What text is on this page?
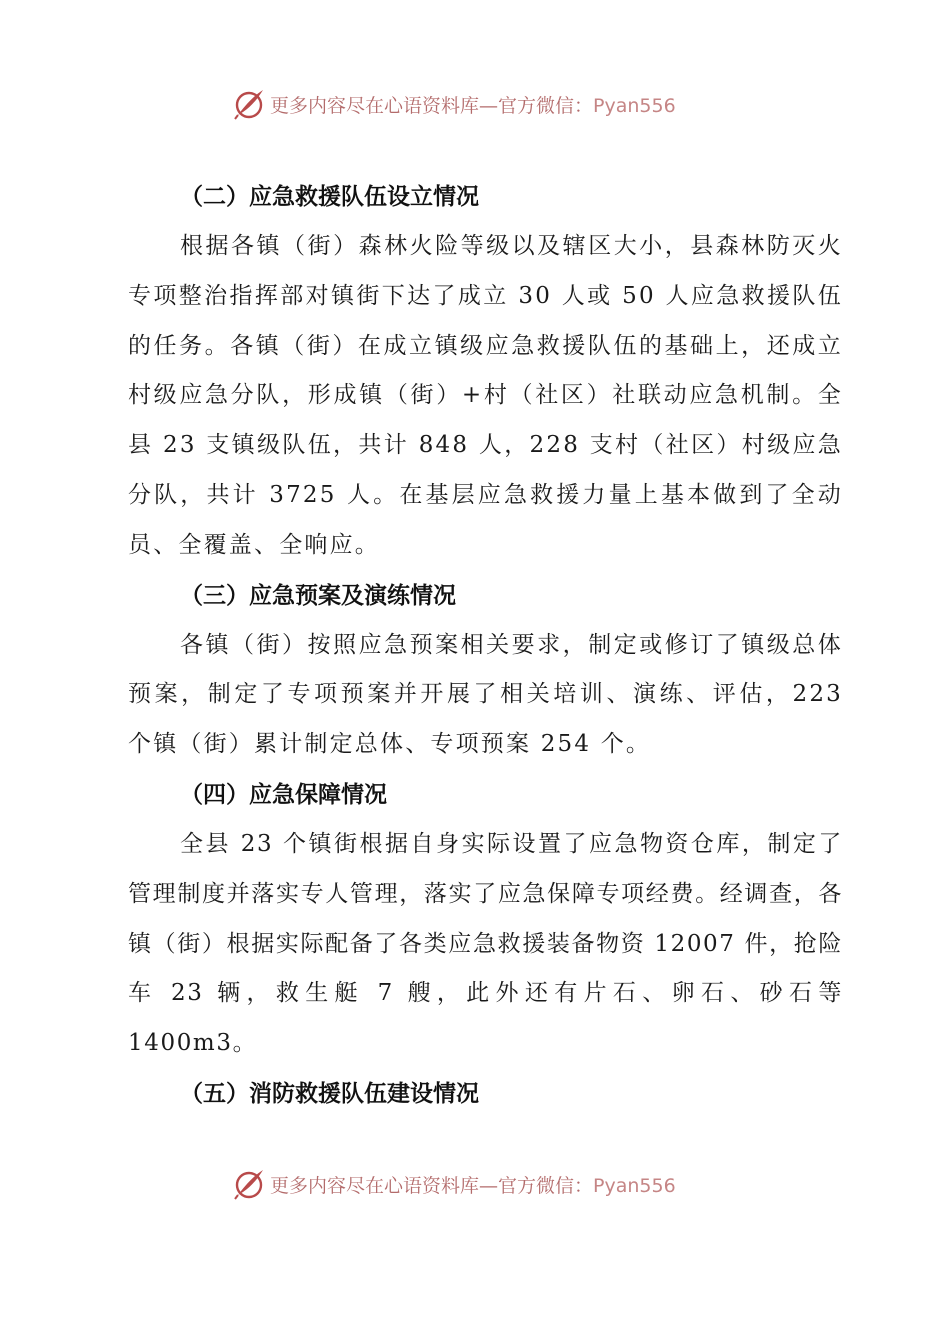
更多内容尽在心语资料库—官方微信：Pyan556
（二）应急救援队伍设立情况

根据各镇（街）森林火险等级以及辖区大小，县森林防灭火专项整治指挥部对镇街下达了成立 30 人或 50 人应急救援队伍的任务。各镇（街）在成立镇级应急救援队伍的基础上，还成立村级应急分队，形成镇（街）+村（社区）社联动应急机制。全县 23 支镇级队伍，共计 848 人，228 支村（社区）村级应急分队，共计 3725 人。在基层应急救援力量上基本做到了全动员、全覆盖、全响应。

（三）应急预案及演练情况

各镇（街）按照应急预案相关要求，制定或修订了镇级总体预案，制定了专项预案并开展了相关培训、演练、评估，223 个镇（街）累计制定总体、专项预案 254 个。

（四）应急保障情况

全县 23 个镇街根据自身实际设置了应急物资仓库，制定了管理制度并落实专人管理，落实了应急保障专项经费。经调查，各镇（街）根据实际配备了各类应急救援装备物资 12007 件，抢险车 23 辆，救生艇 7 艘，此外还有片石、卵石、砂石等 1400m3。

（五）消防救援队伍建设情况
更多内容尽在心语资料库—官方微信：Pyan556
